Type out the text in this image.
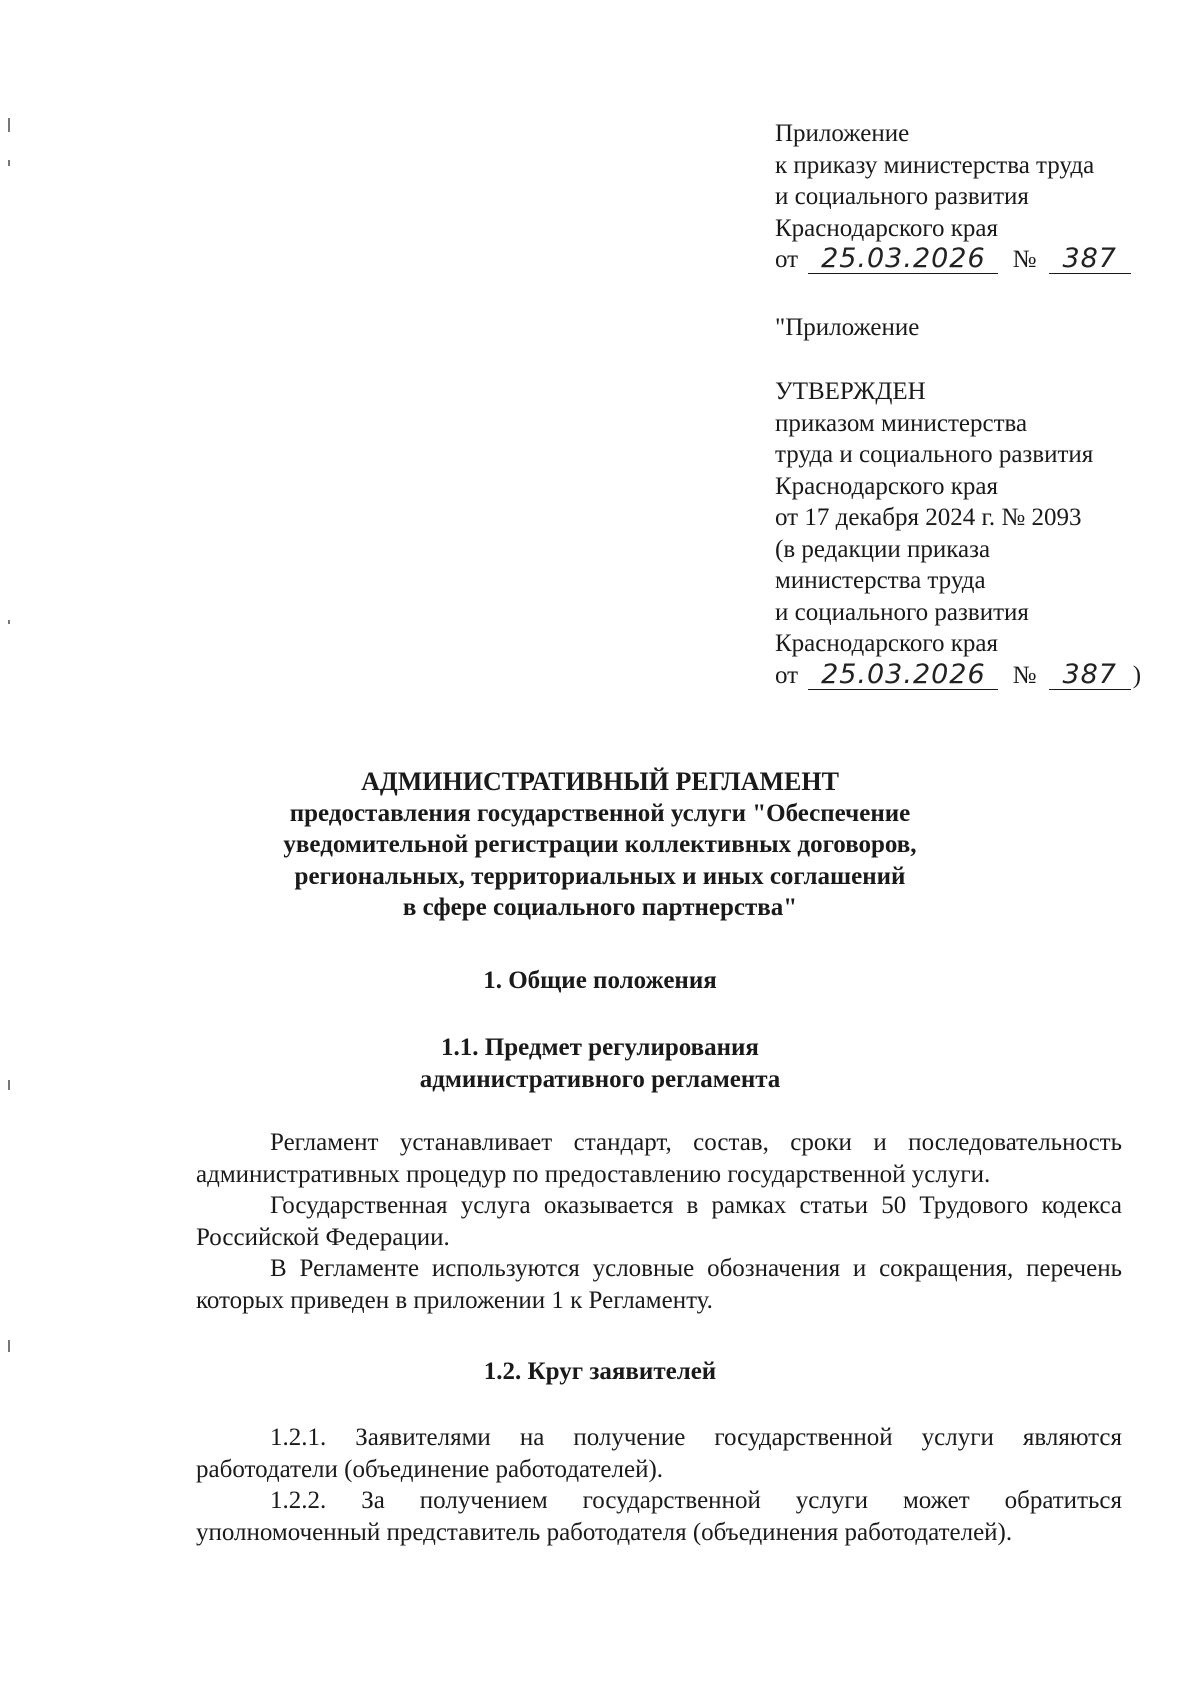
Приложение
к приказу министерства труда
и социального развития
Краснодарского края
от 25.03.2026 № 387
"Приложение
УТВЕРЖДЕН
приказом министерства
труда и социального развития
Краснодарского края
от 17 декабря 2024 г. № 2093
(в редакции приказа
министерства труда
и социального развития
Краснодарского края
от 25.03.2026 № 387 )
АДМИНИСТРАТИВНЫЙ РЕГЛАМЕНТ
предоставления государственной услуги "Обеспечение
уведомительной регистрации коллективных договоров,
региональных, территориальных и иных соглашений
в сфере социального партнерства"
1. Общие положения
1.1. Предмет регулирования
административного регламента

Регламент устанавливает стандарт, состав, сроки и последовательность административных процедур по предоставлению государственной услуги.

Государственная услуга оказывается в рамках статьи 50 Трудового кодекса Российской Федерации.

В Регламенте используются условные обозначения и сокращения, перечень которых приведен в приложении 1 к Регламенту.

1.2. Круг заявителей

1.2.1. Заявителями на получение государственной услуги являются работодатели (объединение работодателей).

1.2.2. За получением государственной услуги может обратиться уполномоченный представитель работодателя (объединения работодателей).
